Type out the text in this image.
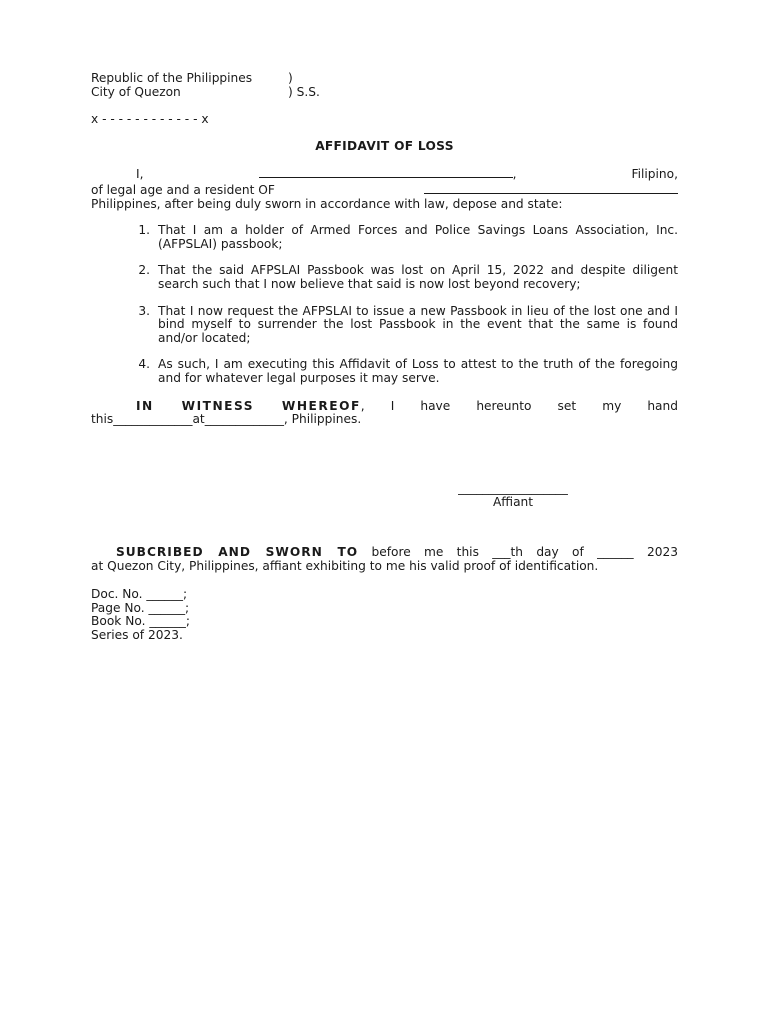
Republic of the Philippines	)
City of Quezon	) S.S.
x - - - - - - - - - - - - x
AFFIDAVIT OF LOSS
I,	,	Filipino,
of legal age and a resident OF
Philippines, after being duly sworn in accordance with law, depose and state:
1. That I am a holder of Armed Forces and Police Savings Loans Association, Inc. (AFPSLAI) passbook;
2. That the said AFPSLAI Passbook was lost on April 15, 2022 and despite diligent search such that I now believe that said is now lost beyond recovery;
3. That I now request the AFPSLAI to issue a new Passbook in lieu of the lost one and I bind myself to surrender the lost Passbook in the event that the same is found and/or located;
4. As such, I am executing this Affidavit of Loss to attest to the truth of the foregoing and for whatever legal purposes it may serve.
IN WITNESS WHEREOF, I have hereunto set my hand
this_____________at_____________, Philippines.
__________________
Affiant
SUBCRIBED AND SWORN TO before me this ___th day of ______ 2023
at Quezon City, Philippines, affiant exhibiting to me his valid proof of identification.
Doc. No. ______;
Page No. ______;
Book No. ______;
Series of 2023.
